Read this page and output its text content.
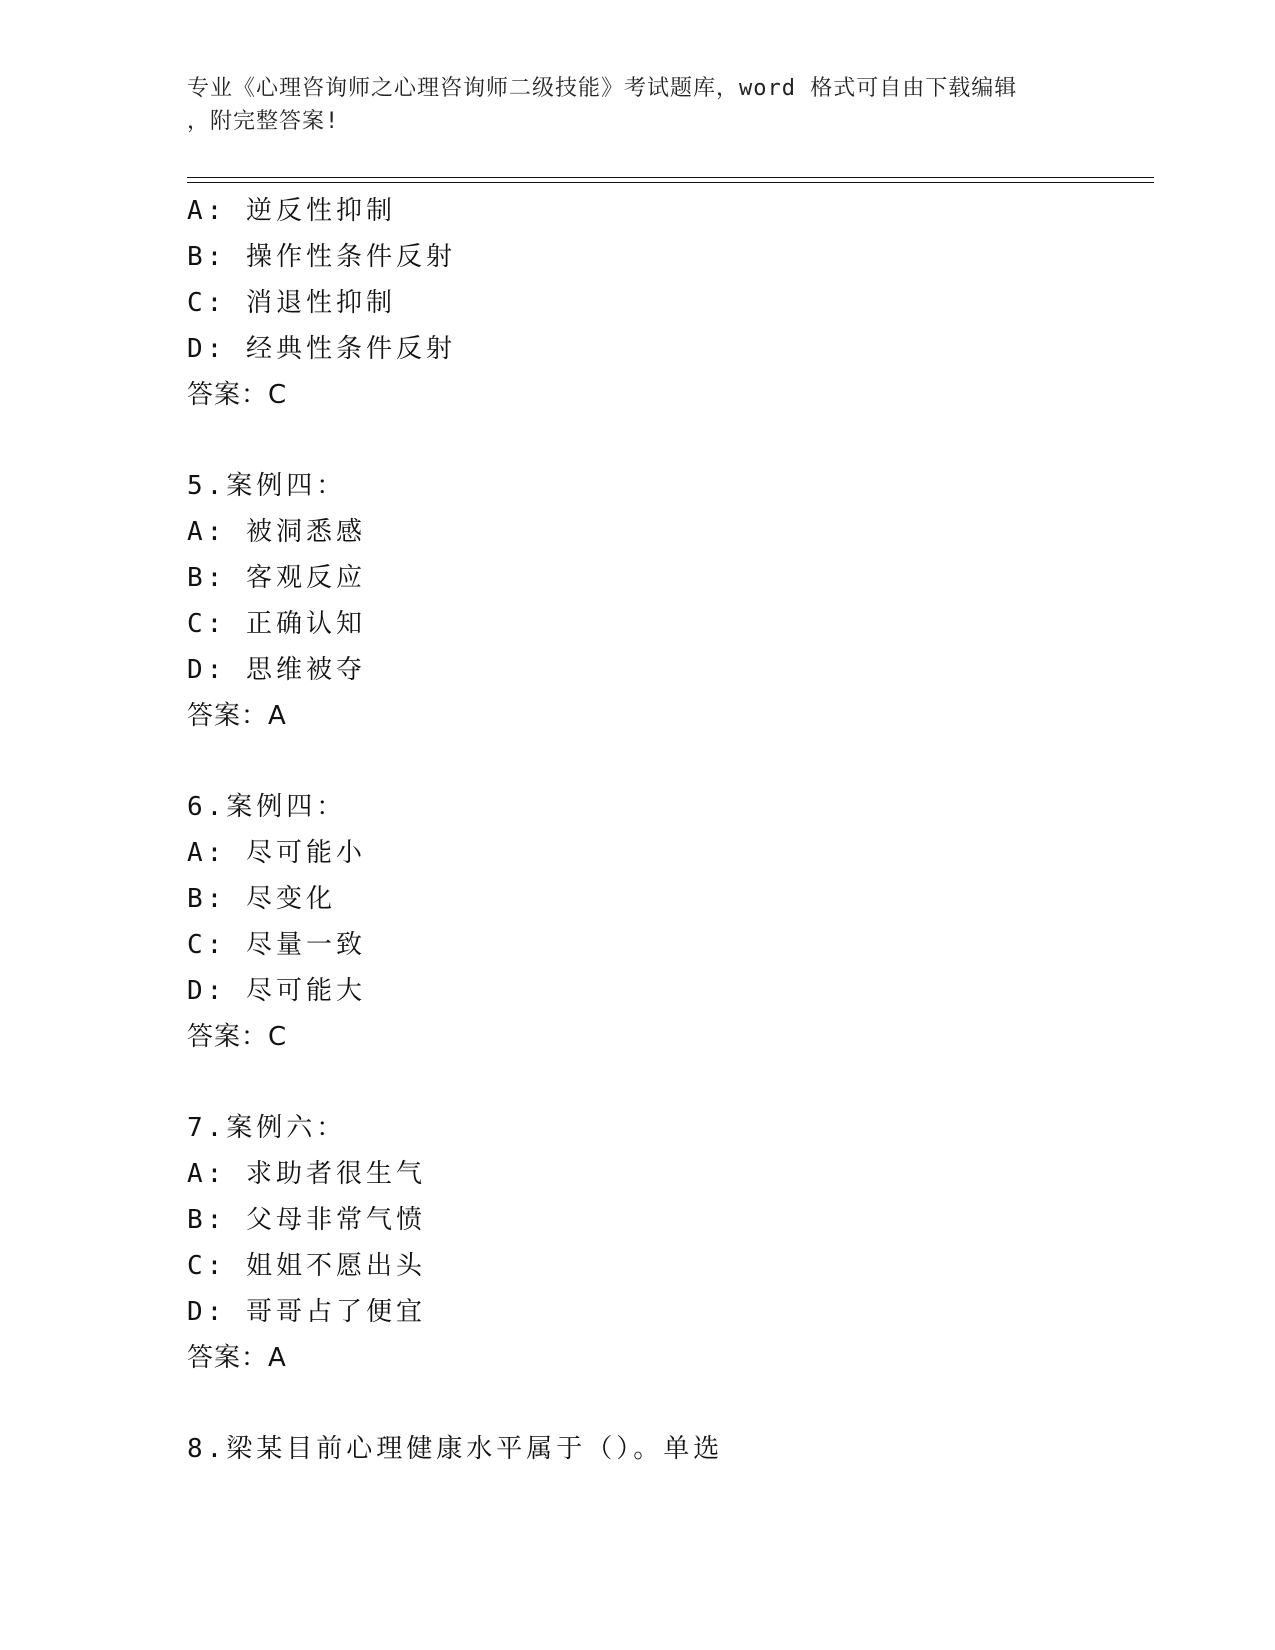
专业《心理咨询师之心理咨询师二级技能》考试题库，word 格式可自由下载编辑
，附完整答案!
A: 逆反性抑制
B: 操作性条件反射
C: 消退性抑制
D: 经典性条件反射
答案：C
5.案例四：
A: 被洞悉感
B: 客观反应
C: 正确认知
D: 思维被夺
答案：A
6.案例四：
A: 尽可能小
B: 尽变化
C: 尽量一致
D: 尽可能大
答案：C
7.案例六：
A: 求助者很生气
B: 父母非常气愤
C: 姐姐不愿出头
D: 哥哥占了便宜
答案：A
8.梁某目前心理健康水平属于（）。单选
